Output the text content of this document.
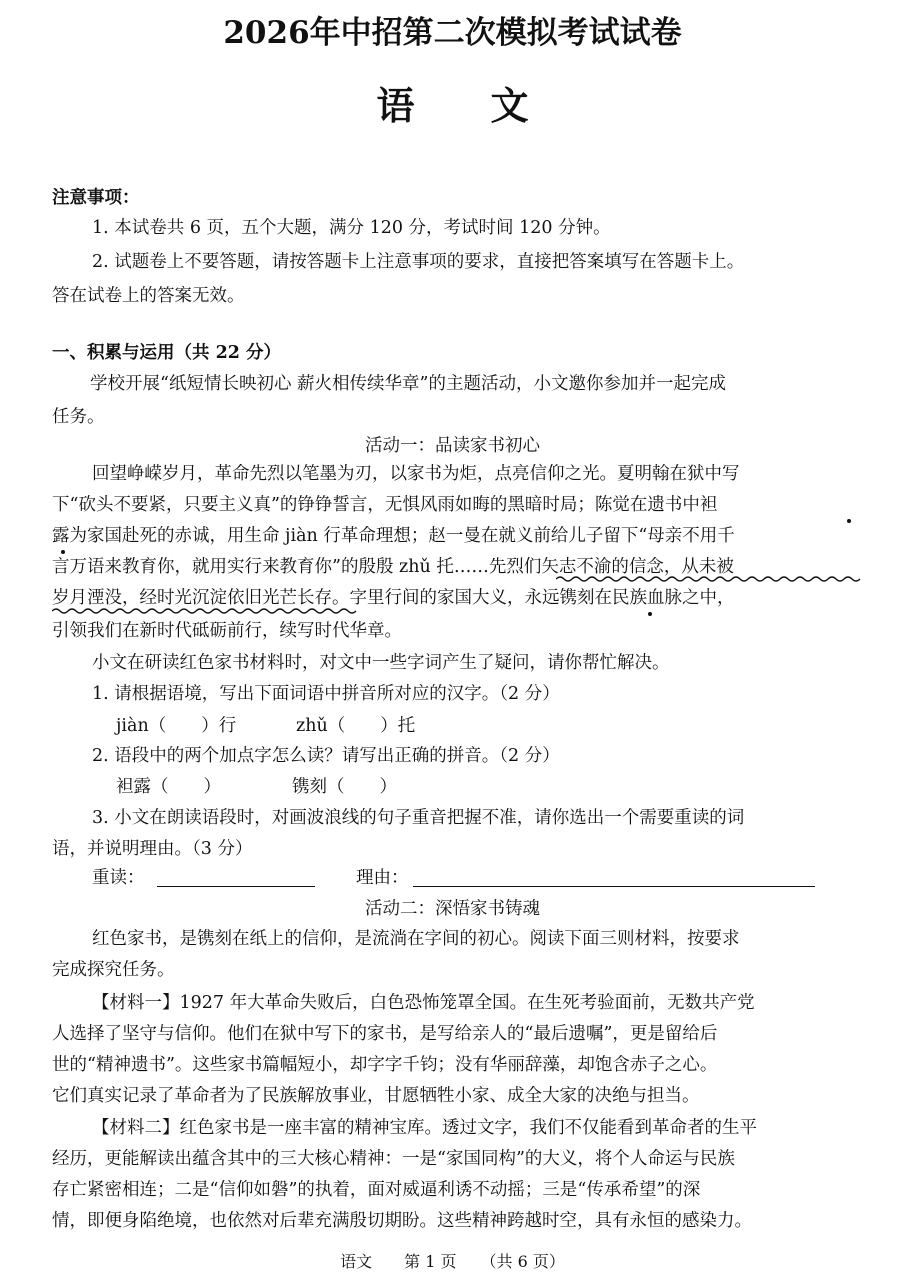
2026年中招第二次模拟考试试卷
语　　文
注意事项：
1. 本试卷共 6 页，五个大题，满分 120 分，考试时间 120 分钟。
2. 试题卷上不要答题，请按答题卡上注意事项的要求，直接把答案填写在答题卡上。
答在试卷上的答案无效。
一、积累与运用（共 22 分）
学校开展“纸短情长映初心 薪火相传续华章”的主题活动，小文邀你参加并一起完成
任务。
活动一：品读家书初心
回望峥嵘岁月，革命先烈以笔墨为刃，以家书为炬，点亮信仰之光。夏明翰在狱中写
下“砍头不要紧，只要主义真”的铮铮誓言，无惧风雨如晦的黑暗时局；陈觉在遗书中袒
露为家国赴死的赤诚，用生命 jiàn 行革命理想；赵一曼在就义前给儿子留下“母亲不用千
言万语来教育你，就用实行来教育你”的殷殷 zhǔ 托……先烈们矢志不渝的信念，从未被
岁月湮没，经时光沉淀依旧光芒长存。字里行间的家国大义，永远镌刻在民族血脉之中，
引领我们在新时代砥砺前行，续写时代华章。
小文在研读红色家书材料时，对文中一些字词产生了疑问，请你帮忙解决。
1. 请根据语境，写出下面词语中拼音所对应的汉字。（2 分）
jiàn（　　）行	zhǔ（　　）托
2. 语段中的两个加点字怎么读？请写出正确的拼音。（2 分）
袒露（　　）	镌刻（　　）
3. 小文在朗读语段时，对画波浪线的句子重音把握不准，请你选出一个需要重读的词
语，并说明理由。（3 分）
重读：	理由：
活动二：深悟家书铸魂
红色家书，是镌刻在纸上的信仰，是流淌在字间的初心。阅读下面三则材料，按要求
完成探究任务。
【材料一】1927 年大革命失败后，白色恐怖笼罩全国。在生死考验面前，无数共产党
人选择了坚守与信仰。他们在狱中写下的家书，是写给亲人的“最后遗嘱”，更是留给后
世的“精神遗书”。这些家书篇幅短小，却字字千钧；没有华丽辞藻，却饱含赤子之心。
它们真实记录了革命者为了民族解放事业，甘愿牺牲小家、成全大家的决绝与担当。
【材料二】红色家书是一座丰富的精神宝库。透过文字，我们不仅能看到革命者的生平
经历，更能解读出蕴含其中的三大核心精神：一是“家国同构”的大义，将个人命运与民族
存亡紧密相连；二是“信仰如磐”的执着，面对威逼利诱不动摇；三是“传承希望”的深
情，即便身陷绝境，也依然对后辈充满殷切期盼。这些精神跨越时空，具有永恒的感染力。
语文　　第 1 页　　（共 6 页）
